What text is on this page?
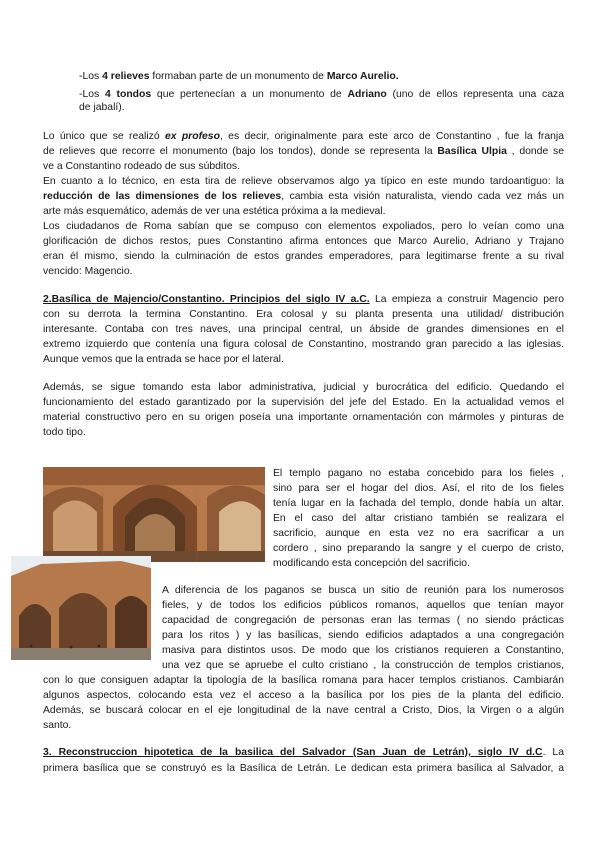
-Los 4 relieves formaban parte de un monumento de Marco Aurelio.
-Los 4 tondos que pertenecían a un monumento de Adriano (uno de ellos representa una caza
de jabalí).
Lo único que se realizó ex profeso, es decir, originalmente para este arco de Constantino , fue la franja
de relieves que recorre el monumento (bajo los tondos), donde se representa la Basílica Ulpia , donde se
ve a Constantino rodeado de sus súbditos.
En cuanto a lo técnico, en esta tira de relieve observamos algo ya típico en este mundo tardoantiguo: la
reducción de las dimensiones de los relieves, cambia esta visión naturalista, viendo cada vez más un
arte más esquemático, además de ver una estética próxima a la medieval.
Los ciudadanos de Roma sabían que se compuso con elementos expoliados, pero lo veían como una
glorificación de dichos restos, pues Constantino afirma entonces que Marco Aurelio, Adriano y Trajano
eran él mismo, siendo la culminación de estos grandes emperadores, para legitimarse frente a su rival
vencido: Magencio.
2.Basílica de Majencio/Constantino. Principios del siglo IV a.C. La empieza a construir Magencio pero
con su derrota la termina Constantino. Era colosal y su planta presenta una utilidad/ distribución
interesante. Contaba con tres naves, una principal central, un ábside de grandes dimensiones en el
extremo izquierdo que contenía una figura colosal de Constantino, mostrando gran parecido a las iglesias.
Aunque vemos que la entrada se hace por el lateral.
Además, se sigue tomando esta labor administrativa, judicial y burocrática del edificio. Quedando el
funcionamiento del estado garantizado por la supervisión del jefe del Estado. En la actualidad vemos el
material constructivo pero en su origen poseía una importante ornamentación con mármoles y pinturas de
todo tipo.
El templo pagano no estaba concebido para los fieles ,
sino para ser el hogar del dios. Así, el rito de los fieles
tenía lugar en la fachada del templo, donde había un altar.
En el caso del altar cristiano también se realizara el
sacrificio, aunque en esta vez no era sacrificar a un
cordero , sino preparando la sangre y el cuerpo de cristo,
modificando esta concepción del sacrificio.
A diferencia de los paganos se busca un sitio de reunión para los numerosos
fieles, y de todos los edificios públicos romanos, aquellos que tenían mayor
capacidad de congregación de personas eran las termas ( no siendo prácticas
para los ritos ) y las basílicas, siendo edificios adaptados a una congregación
masiva para distintos usos. De modo que los cristianos requieren a Constantino,
una vez que se apruebe el culto cristiano , la construcción de templos cristianos,
con lo que consiguen adaptar la tipología de la basílica romana para hacer templos cristianos. Cambiarán
algunos aspectos, colocando esta vez el acceso a la basílica por los pies de la planta del edificio.
Además, se buscará colocar en el eje longitudinal de la nave central a Cristo, Dios, la Virgen o a algún
santo.
3. Reconstruccion hipotetica de la basilica del Salvador (San Juan de Letrán), siglo IV d.C. La
primera basílica que se construyó es la Basílica de Letrán. Le dedican esta primera basílica al Salvador, a
